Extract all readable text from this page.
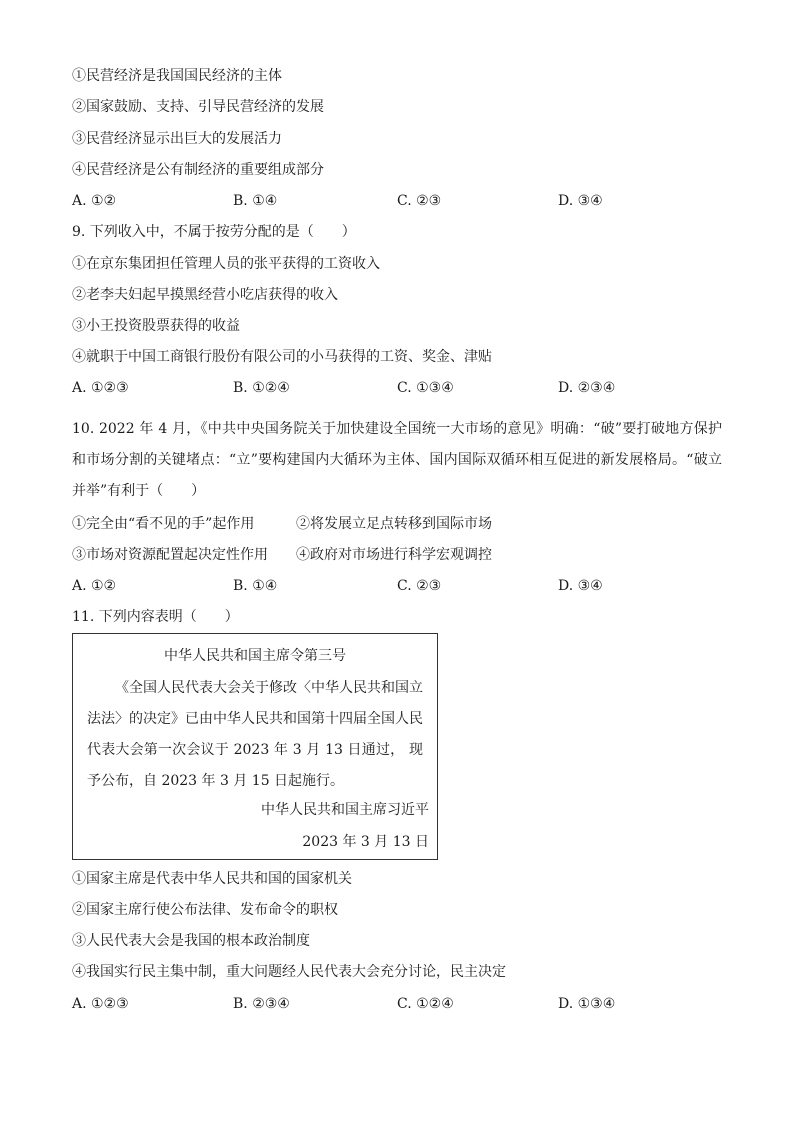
①民营经济是我国国民经济的主体
②国家鼓励、支持、引导民营经济的发展
③民营经济显示出巨大的发展活力
④民营经济是公有制经济的重要组成部分
A. ①②	B. ①④	C. ②③	D. ③④
9. 下列收入中，不属于按劳分配的是（　　）
①在京东集团担任管理人员的张平获得的工资收入
②老李夫妇起早摸黑经营小吃店获得的收入
③小王投资股票获得的收益
④就职于中国工商银行股份有限公司的小马获得的工资、奖金、津贴
A. ①②③	B. ①②④	C. ①③④	D. ②③④
10. 2022 年 4 月，《中共中央国务院关于加快建设全国统一大市场的意见》明确：“破”要打破地方保护和市场分割的关键堵点：“立”要构建国内大循环为主体、国内国际双循环相互促进的新发展格局。“破立并举”有利于（　　）
①完全由“看不见的手”起作用	②将发展立足点转移到国际市场
③市场对资源配置起决定性作用 ④政府对市场进行科学宏观调控
A. ①②	B. ①④	C. ②③	D. ③④
11. 下列内容表明（　　）
中华人民共和国主席令第三号
《全国人民代表大会关于修改〈中华人民共和国立法法〉的决定》已由中华人民共和国第十四届全国人民代表大会第一次会议于 2023 年 3 月 13 日通过， 现予公布，自 2023 年 3 月 15 日起施行。
中华人民共和国主席习近平
2023 年 3 月 13 日
①国家主席是代表中华人民共和国的国家机关
②国家主席行使公布法律、发布命令的职权
③人民代表大会是我国的根本政治制度
④我国实行民主集中制，重大问题经人民代表大会充分讨论，民主决定
A. ①②③	B. ②③④	C. ①②④	D. ①③④
